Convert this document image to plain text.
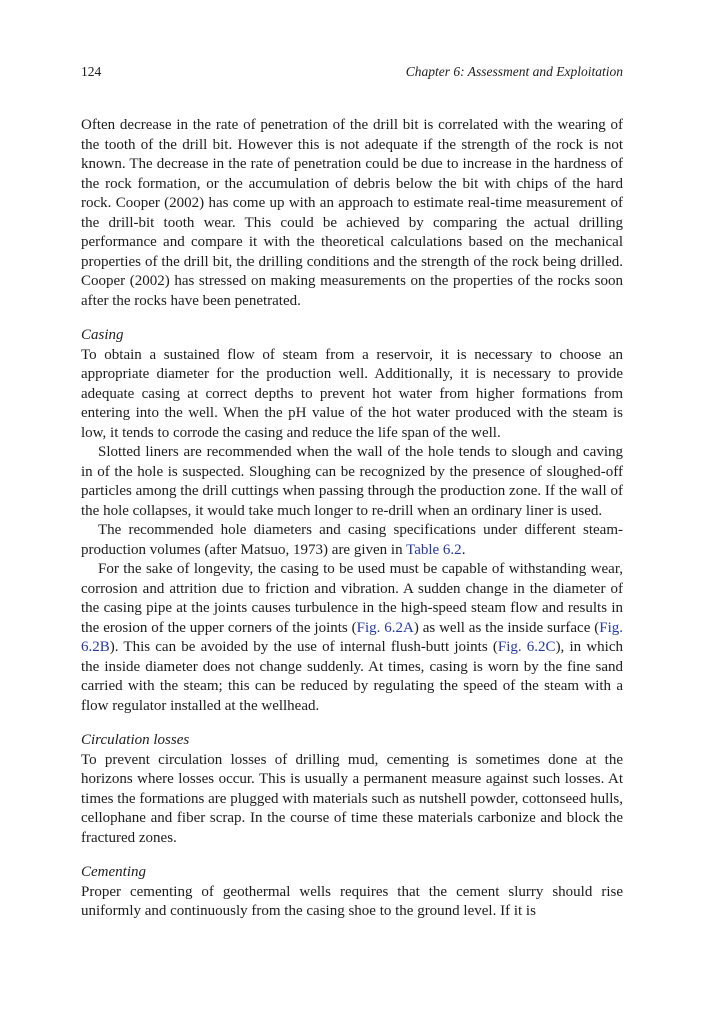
124	Chapter 6: Assessment and Exploitation

Often decrease in the rate of penetration of the drill bit is correlated with the wearing of the tooth of the drill bit. However this is not adequate if the strength of the rock is not known. The decrease in the rate of penetration could be due to increase in the hardness of the rock formation, or the accumulation of debris below the bit with chips of the hard rock. Cooper (2002) has come up with an approach to estimate real-time measurement of the drill-bit tooth wear. This could be achieved by comparing the actual drilling performance and compare it with the theoretical calculations based on the mechanical properties of the drill bit, the drilling conditions and the strength of the rock being drilled. Cooper (2002) has stressed on making measurements on the properties of the rocks soon after the rocks have been penetrated.

Casing

To obtain a sustained flow of steam from a reservoir, it is necessary to choose an appropriate diameter for the production well. Additionally, it is necessary to provide adequate casing at correct depths to prevent hot water from higher formations from entering into the well. When the pH value of the hot water produced with the steam is low, it tends to corrode the casing and reduce the life span of the well.

Slotted liners are recommended when the wall of the hole tends to slough and caving in of the hole is suspected. Sloughing can be recognized by the presence of sloughed-off particles among the drill cuttings when passing through the production zone. If the wall of the hole collapses, it would take much longer to re-drill when an ordinary liner is used.

The recommended hole diameters and casing specifications under different steam-production volumes (after Matsuo, 1973) are given in Table 6.2.

For the sake of longevity, the casing to be used must be capable of withstanding wear, corrosion and attrition due to friction and vibration. A sudden change in the diameter of the casing pipe at the joints causes turbulence in the high-speed steam flow and results in the erosion of the upper corners of the joints (Fig. 6.2A) as well as the inside surface (Fig. 6.2B). This can be avoided by the use of internal flush-butt joints (Fig. 6.2C), in which the inside diameter does not change suddenly. At times, casing is worn by the fine sand carried with the steam; this can be reduced by regulating the speed of the steam with a flow regulator installed at the wellhead.

Circulation losses

To prevent circulation losses of drilling mud, cementing is sometimes done at the horizons where losses occur. This is usually a permanent measure against such losses. At times the formations are plugged with materials such as nutshell powder, cottonseed hulls, cellophane and fiber scrap. In the course of time these materials carbonize and block the fractured zones.

Cementing

Proper cementing of geothermal wells requires that the cement slurry should rise uniformly and continuously from the casing shoe to the ground level. If it is
